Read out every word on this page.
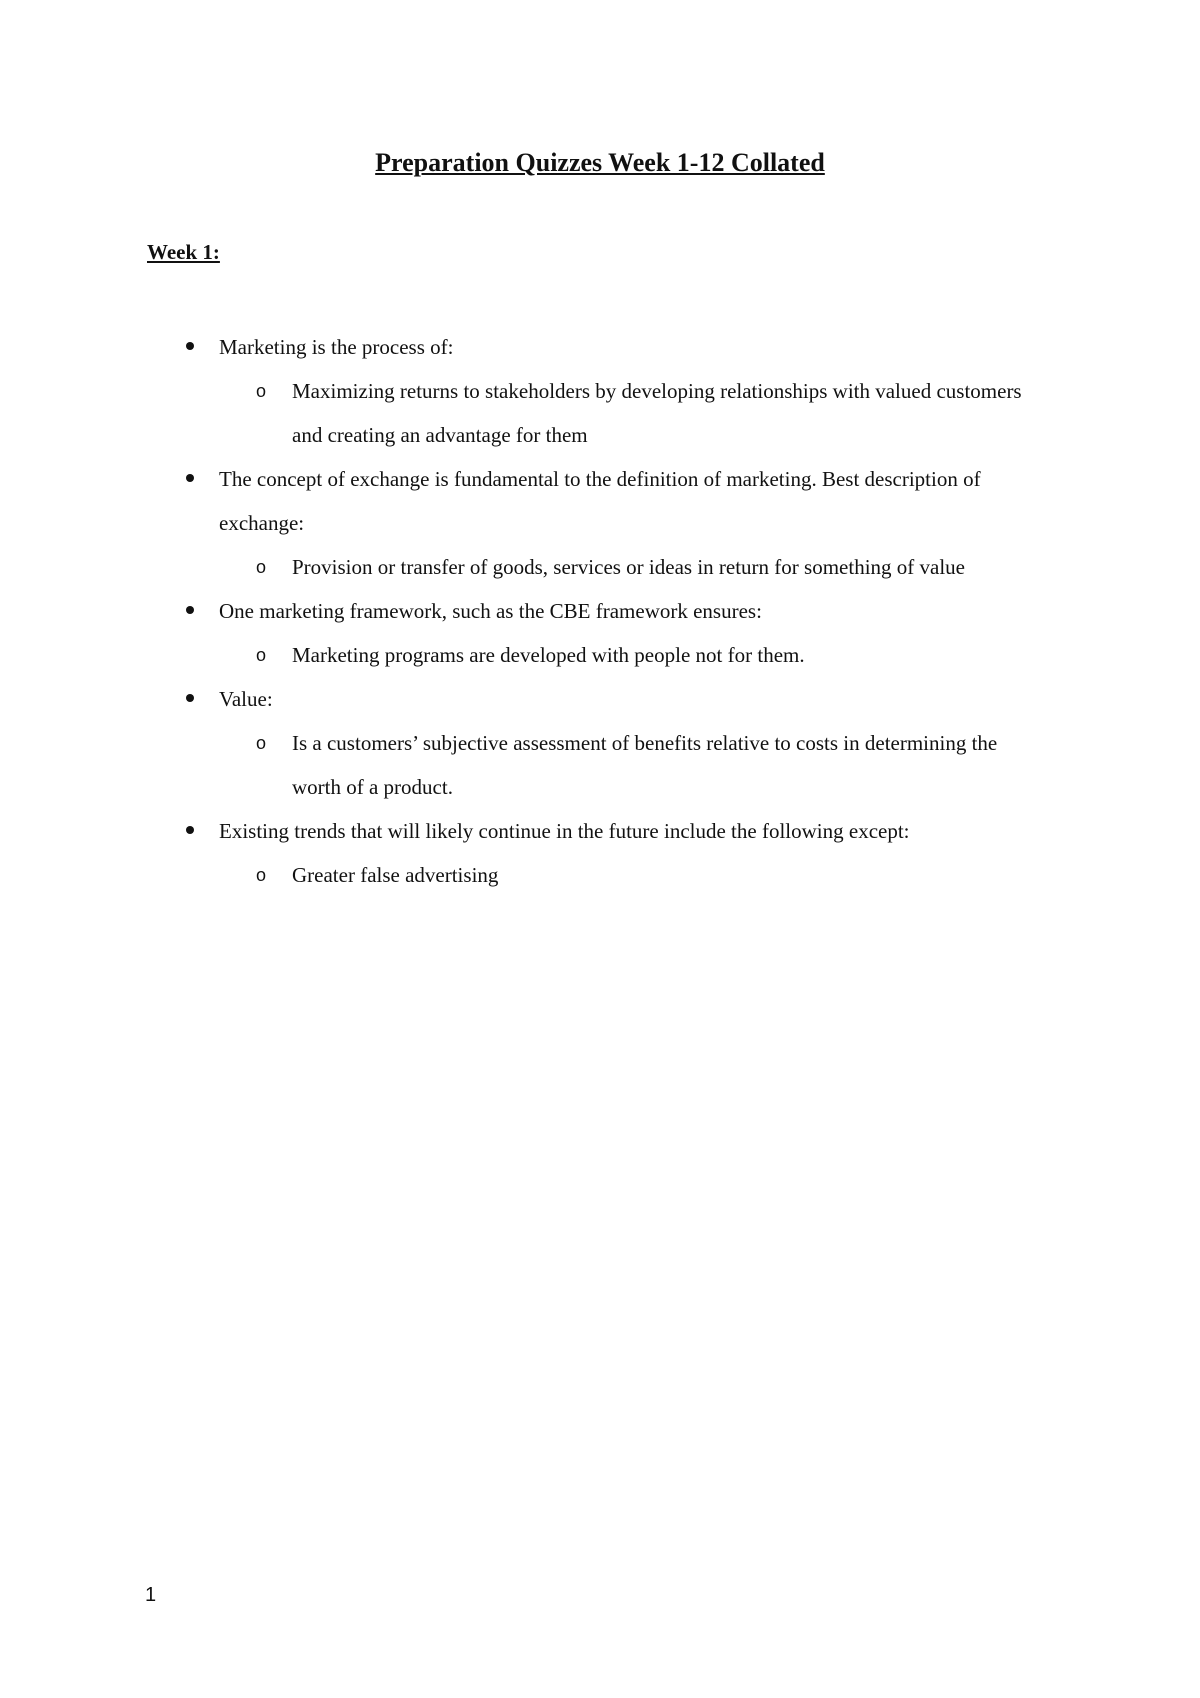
Preparation Quizzes Week 1-12 Collated
Week 1:
Marketing is the process of:
o Maximizing returns to stakeholders by developing relationships with valued customers and creating an advantage for them
The concept of exchange is fundamental to the definition of marketing. Best description of exchange:
o Provision or transfer of goods, services or ideas in return for something of value
One marketing framework, such as the CBE framework ensures:
o Marketing programs are developed with people not for them.
Value:
o Is a customers’ subjective assessment of benefits relative to costs in determining the worth of a product.
Existing trends that will likely continue in the future include the following except:
o Greater false advertising
1
